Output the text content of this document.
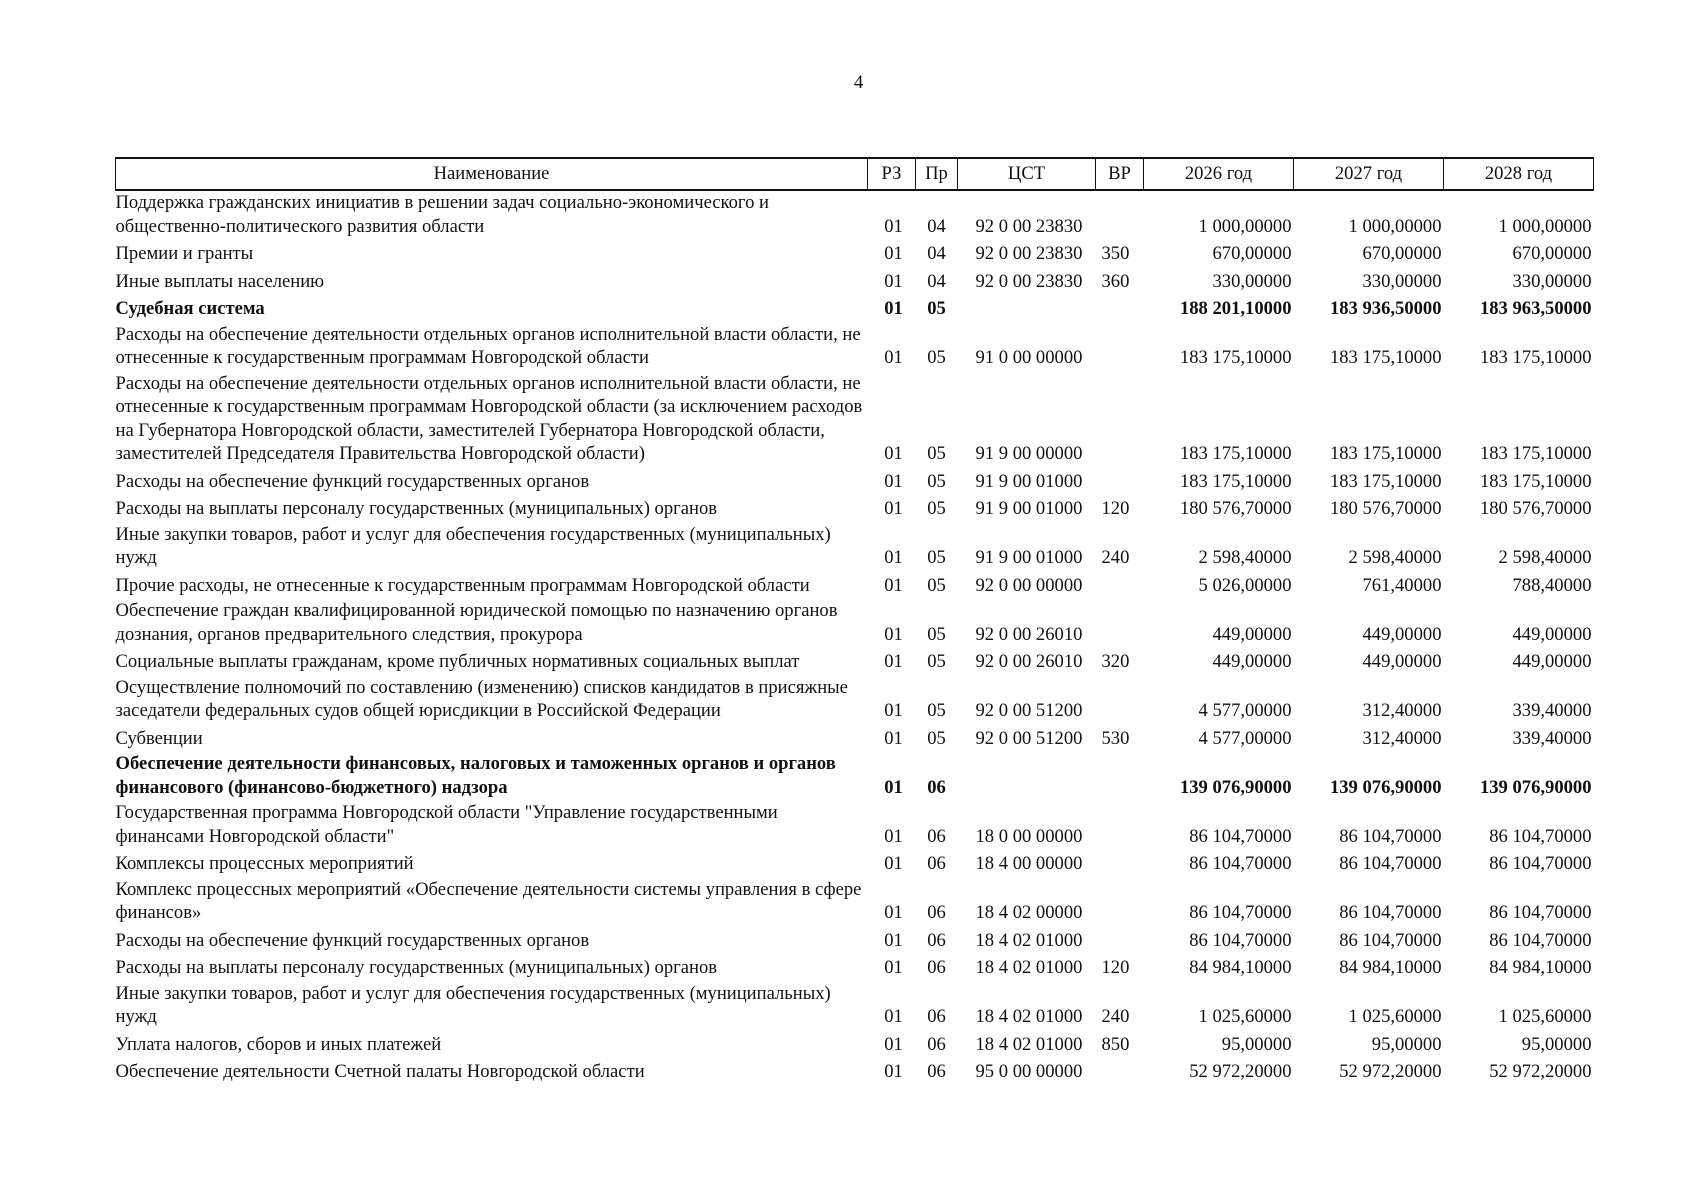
4
Наименование	РЗ	Пр	ЦСТ	ВР	2026 год	2027 год	2028 год
Поддержка гражданских инициатив в решении задач социально-экономического и общественно-политического развития области	01	04	92 0 00 23830		1 000,00000	1 000,00000	1 000,00000
Премии и гранты	01	04	92 0 00 23830	350	670,00000	670,00000	670,00000
Иные выплаты населению	01	04	92 0 00 23830	360	330,00000	330,00000	330,00000
Судебная система	01	05			188 201,10000	183 936,50000	183 963,50000
Расходы на обеспечение деятельности отдельных органов исполнительной власти области, не отнесенные к государственным программам Новгородской области	01	05	91 0 00 00000		183 175,10000	183 175,10000	183 175,10000
Расходы на обеспечение деятельности отдельных органов исполнительной власти области, не отнесенные к государственным программам Новгородской области (за исключением расходов на Губернатора Новгородской области, заместителей Губернатора Новгородской области, заместителей Председателя Правительства Новгородской области)	01	05	91 9 00 00000		183 175,10000	183 175,10000	183 175,10000
Расходы на обеспечение функций государственных органов	01	05	91 9 00 01000		183 175,10000	183 175,10000	183 175,10000
Расходы на выплаты персоналу государственных (муниципальных) органов	01	05	91 9 00 01000	120	180 576,70000	180 576,70000	180 576,70000
Иные закупки товаров, работ и услуг для обеспечения государственных (муниципальных) нужд	01	05	91 9 00 01000	240	2 598,40000	2 598,40000	2 598,40000
Прочие расходы, не отнесенные к государственным программам Новгородской области	01	05	92 0 00 00000		5 026,00000	761,40000	788,40000
Обеспечение граждан квалифицированной юридической помощью по назначению органов дознания, органов предварительного следствия, прокурора	01	05	92 0 00 26010		449,00000	449,00000	449,00000
Социальные выплаты гражданам, кроме публичных нормативных социальных выплат	01	05	92 0 00 26010	320	449,00000	449,00000	449,00000
Осуществление полномочий по составлению (изменению) списков кандидатов в присяжные заседатели федеральных судов общей юрисдикции в Российской Федерации	01	05	92 0 00 51200		4 577,00000	312,40000	339,40000
Субвенции	01	05	92 0 00 51200	530	4 577,00000	312,40000	339,40000
Обеспечение деятельности финансовых, налоговых и таможенных органов и органов финансового (финансово-бюджетного) надзора	01	06			139 076,90000	139 076,90000	139 076,90000
Государственная программа Новгородской области "Управление государственными финансами Новгородской области"	01	06	18 0 00 00000		86 104,70000	86 104,70000	86 104,70000
Комплексы процессных мероприятий	01	06	18 4 00 00000		86 104,70000	86 104,70000	86 104,70000
Комплекс процессных мероприятий «Обеспечение деятельности системы управления в сфере финансов»	01	06	18 4 02 00000		86 104,70000	86 104,70000	86 104,70000
Расходы на обеспечение функций государственных органов	01	06	18 4 02 01000		86 104,70000	86 104,70000	86 104,70000
Расходы на выплаты персоналу государственных (муниципальных) органов	01	06	18 4 02 01000	120	84 984,10000	84 984,10000	84 984,10000
Иные закупки товаров, работ и услуг для обеспечения государственных (муниципальных) нужд	01	06	18 4 02 01000	240	1 025,60000	1 025,60000	1 025,60000
Уплата налогов, сборов и иных платежей	01	06	18 4 02 01000	850	95,00000	95,00000	95,00000
Обеспечение деятельности Счетной палаты Новгородской области	01	06	95 0 00 00000		52 972,20000	52 972,20000	52 972,20000
